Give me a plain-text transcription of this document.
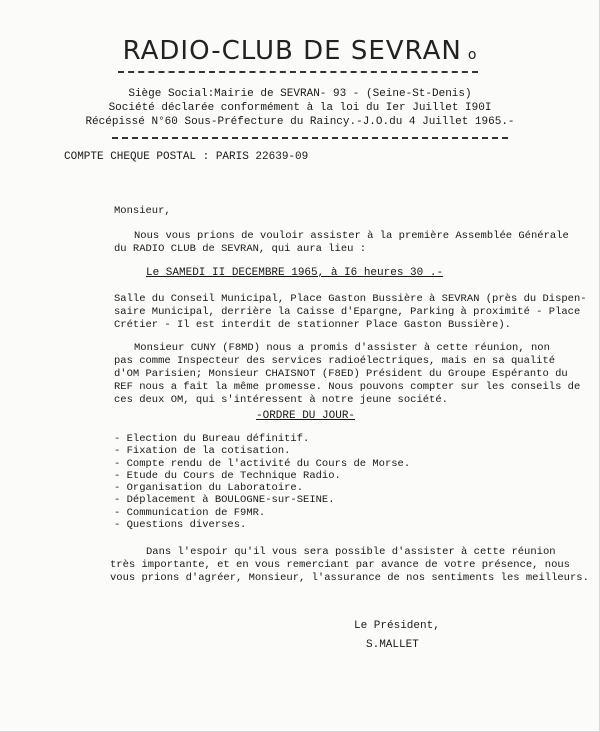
RADIO-CLUB DE SEVRAN o
Siège Social:Mairie de SEVRAN- 93 - (Seine-St-Denis)
Société déclarée conformément à la loi du Ier Juillet I90I
Récépissé N°60 Sous-Préfecture du Raincy.-J.O.du 4 Juillet 1965.-
COMPTE CHEQUE POSTAL : PARIS 22639-09
Monsieur,
Nous vous prions de vouloir assister à la première Assemblée Générale
du RADIO CLUB de SEVRAN, qui aura lieu :
Le SAMEDI II DECEMBRE 1965, à I6 heures 30 .-
Salle du Conseil Municipal, Place Gaston Bussière à SEVRAN (près du Dispen-
saire Municipal, derrière la Caisse d'Epargne, Parking à proximité - Place
Crétier - Il est interdit de stationner Place Gaston Bussière).
Monsieur CUNY (F8MD) nous a promis d'assister à cette réunion, non
pas comme Inspecteur des services radioélectriques, mais en sa qualité
d'OM Parisien; Monsieur CHAISNOT (F8ED) Président du Groupe Espéranto du
REF nous a fait la même promesse. Nous pouvons compter sur les conseils de
ces deux OM, qui s'intéressent à notre jeune société.
-ORDRE DU JOUR-
- Election du Bureau définitif.
- Fixation de la cotisation.
- Compte rendu de l'activité du Cours de Morse.
- Etude du Cours de Technique Radio.
- Organisation du Laboratoire.
- Déplacement à BOULOGNE-sur-SEINE.
- Communication de F9MR.
- Questions diverses.
Dans l'espoir qu'il vous sera possible d'assister à cette réunion
très importante, et en vous remerciant par avance de votre présence, nous
vous prions d'agréer, Monsieur, l'assurance de nos sentiments les meilleurs.
Le Président,
S.MALLET
